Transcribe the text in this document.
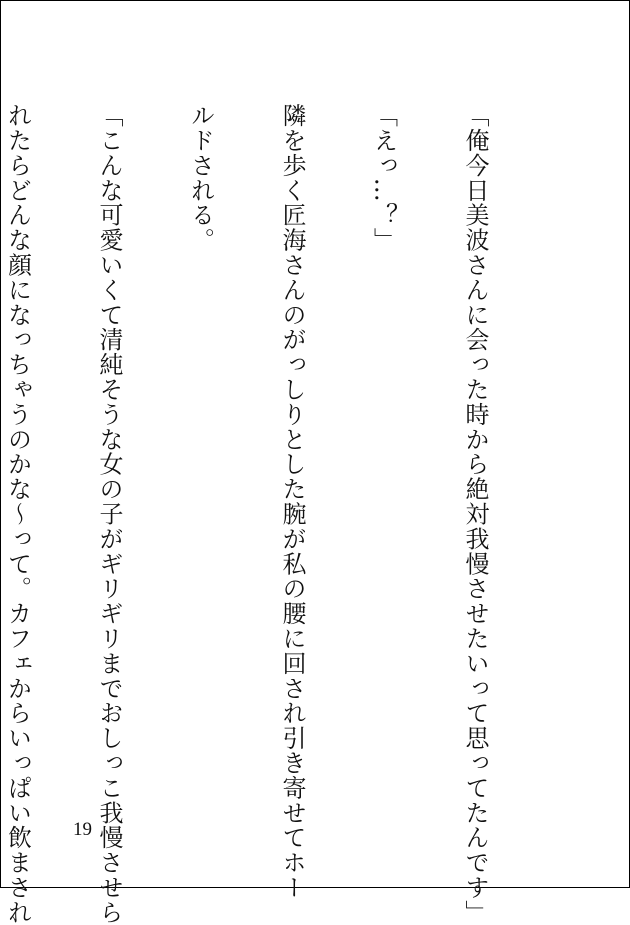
「俺今日美波さんに会った時から絶対我慢させたいって思ってたんです」

「えっ…？」

隣を歩く匠海さんのがっしりとした腕が私の腰に回され引き寄せてホー

ルドされる。

「こんな可愛いくて清純そうな女の子がギリギリまでおしっこ我慢させら

れたらどんな顔になっちゃうのかな～って。カフェからいっぱい飲まされ

19
